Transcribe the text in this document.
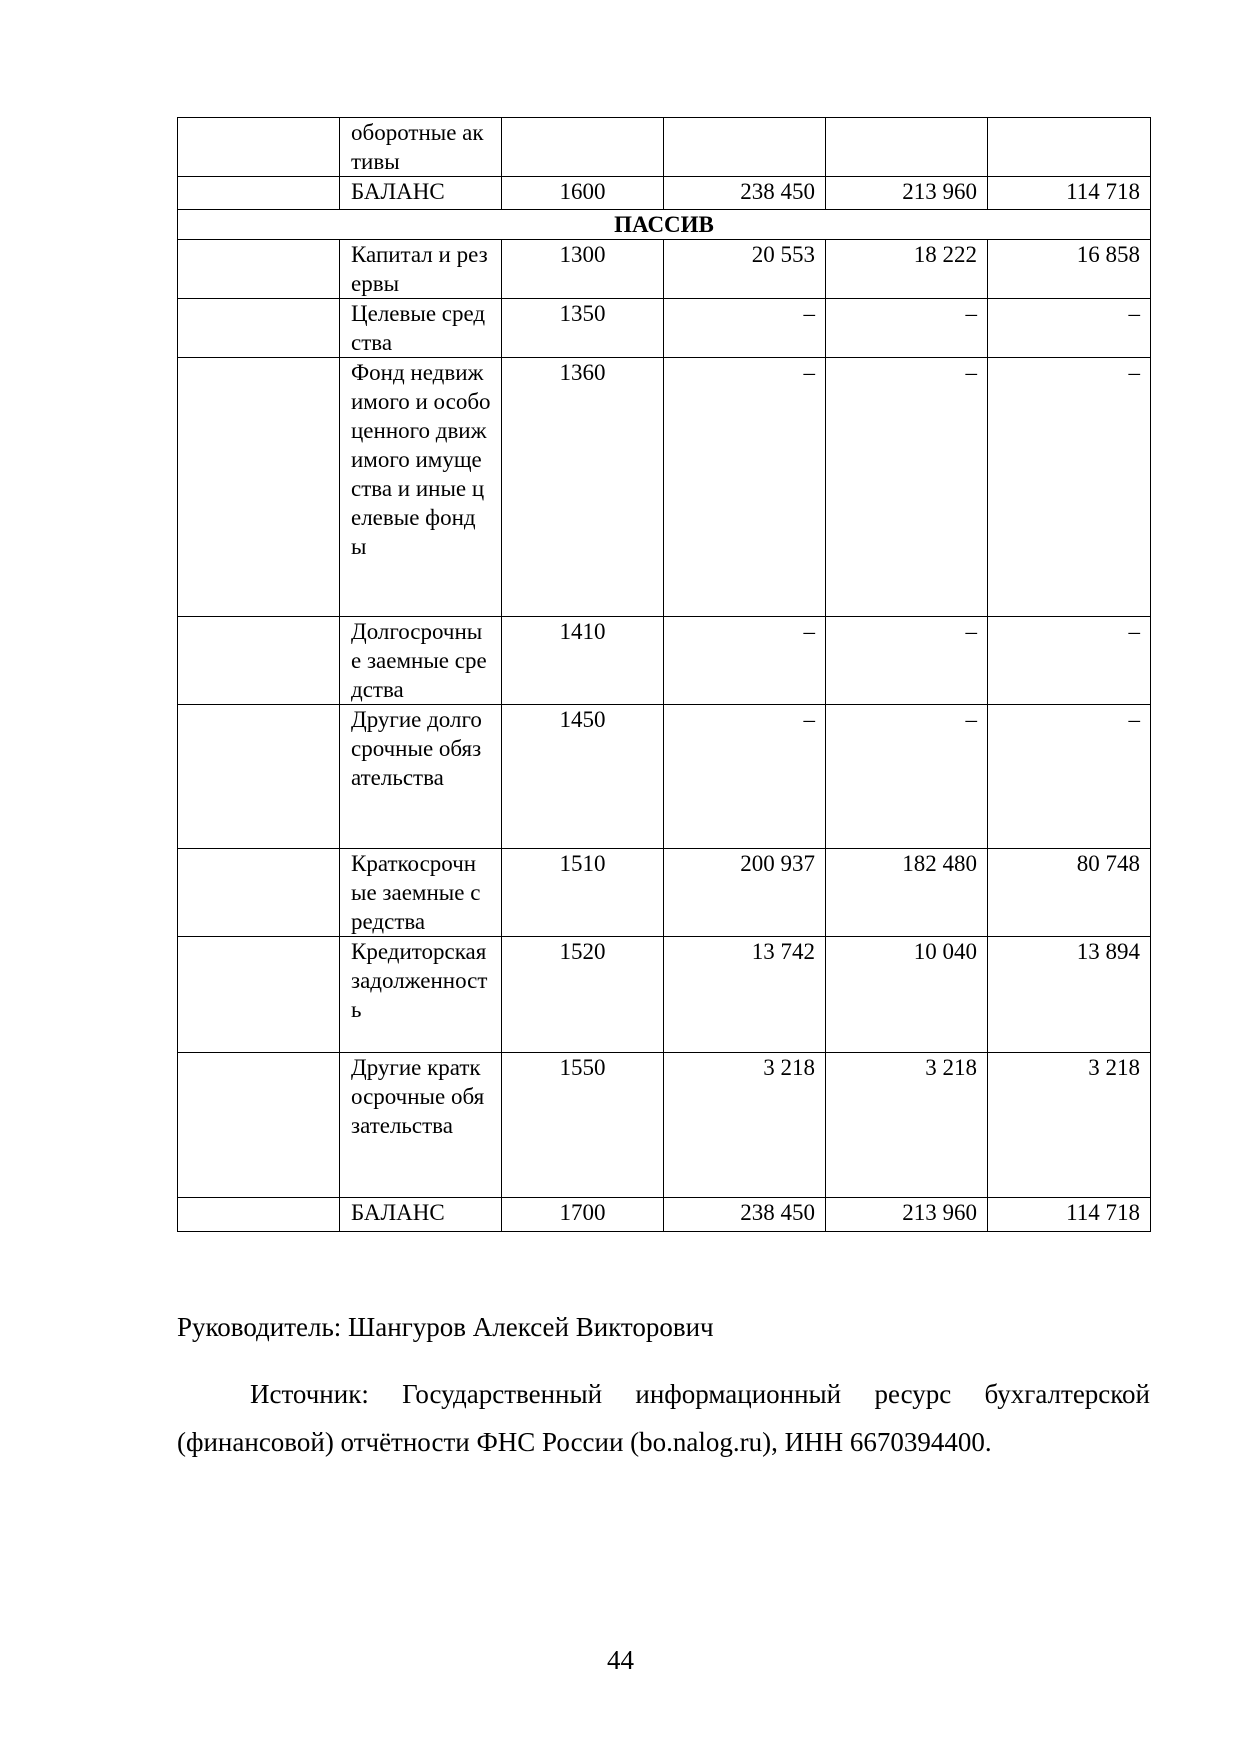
	оборотные активы				
	БАЛАНС	1600	238 450	213 960	114 718
ПАССИВ					
	Капитал и резервы	1300	20 553	18 222	16 858
	Целевые средства	1350	–	–	–
	Фонд недвижимого и особо ценного движимого имущества и иные целевые фонды	1360	–	–	–
	Долгосрочные заемные средства	1410	–	–	–
	Другие долгосрочные обязательства	1450	–	–	–
	Краткосрочные заемные средства	1510	200 937	182 480	80 748
	Кредиторская задолженность	1520	13 742	10 040	13 894
	Другие краткосрочные обязательства	1550	3 218	3 218	3 218
	БАЛАНС	1700	238 450	213 960	114 718
Руководитель: Шангуров Алексей Викторович
Источник: Государственный информационный ресурс бухгалтерской (финансовой) отчётности ФНС России (bo.nalog.ru), ИНН 6670394400.
44
